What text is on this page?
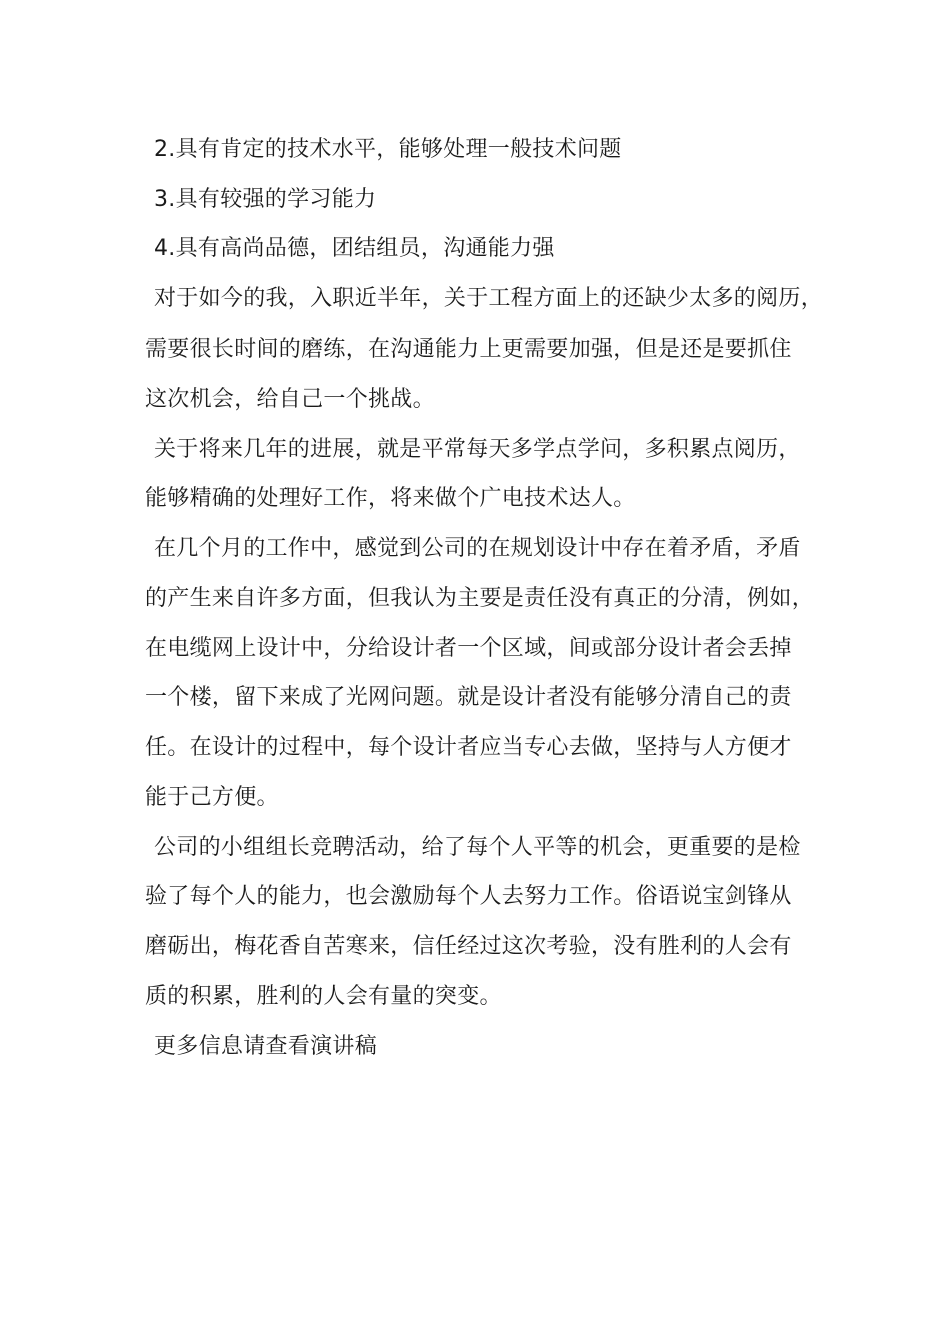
2.具有肯定的技术水平，能够处理一般技术问题
3.具有较强的学习能力
4.具有高尚品德，团结组员，沟通能力强
对于如今的我，入职近半年，关于工程方面上的还缺少太多的阅历，
需要很长时间的磨练，在沟通能力上更需要加强，但是还是要抓住
这次机会，给自己一个挑战。
关于将来几年的进展，就是平常每天多学点学问，多积累点阅历，
能够精确的处理好工作，将来做个广电技术达人。
在几个月的工作中，感觉到公司的在规划设计中存在着矛盾，矛盾
的产生来自许多方面，但我认为主要是责任没有真正的分清，例如，
在电缆网上设计中，分给设计者一个区域，间或部分设计者会丢掉
一个楼，留下来成了光网问题。就是设计者没有能够分清自己的责
任。在设计的过程中，每个设计者应当专心去做，坚持与人方便才
能于己方便。
公司的小组组长竞聘活动，给了每个人平等的机会，更重要的是检
验了每个人的能力，也会激励每个人去努力工作。俗语说宝剑锋从
磨砺出，梅花香自苦寒来，信任经过这次考验，没有胜利的人会有
质的积累，胜利的人会有量的突变。
更多信息请查看演讲稿
